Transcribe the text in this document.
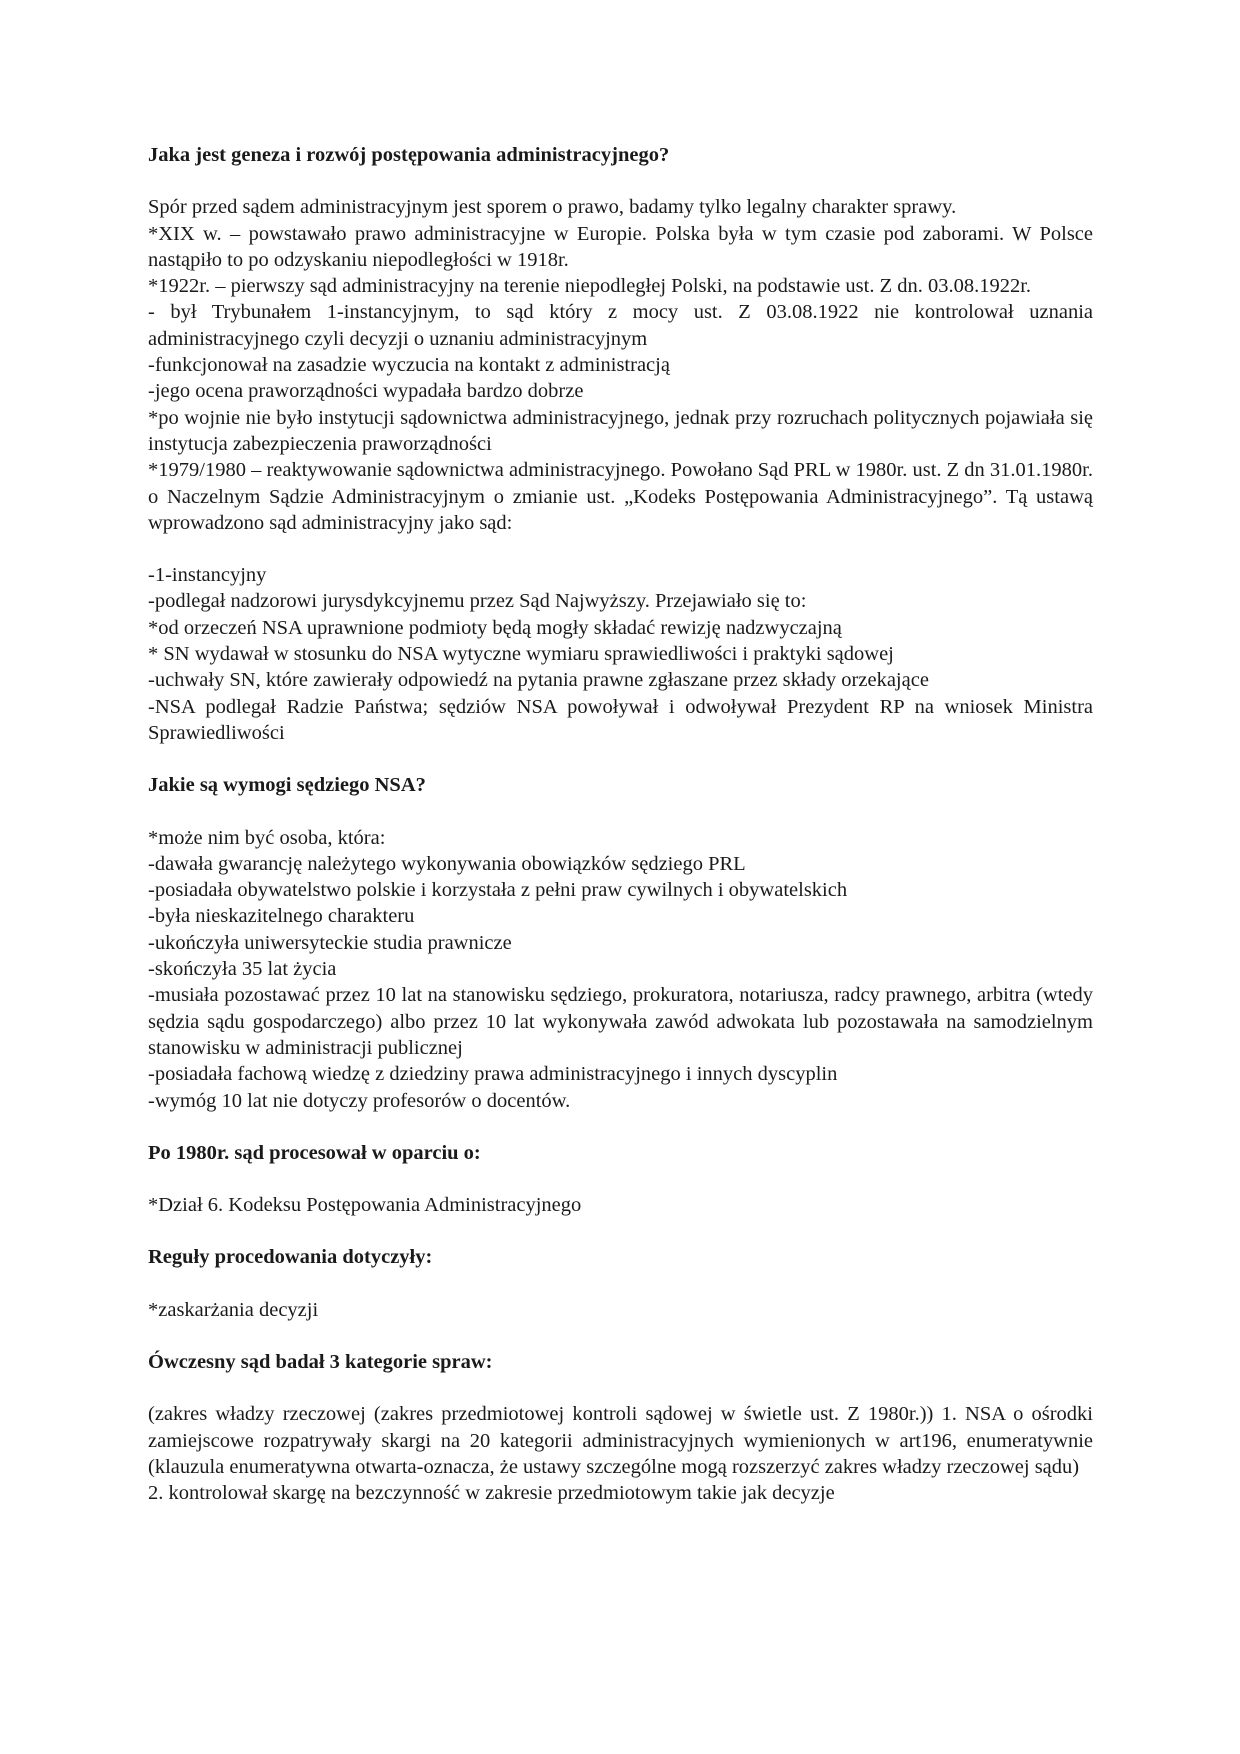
Jaka jest geneza i rozwój postępowania administracyjnego?

Spór przed sądem administracyjnym jest sporem o prawo, badamy tylko legalny charakter sprawy.

*XIX w. – powstawało prawo administracyjne w Europie. Polska była w tym czasie pod zaborami. W Polsce nastąpiło to po odzyskaniu niepodległości w 1918r.

*1922r. – pierwszy sąd administracyjny na terenie niepodległej Polski, na podstawie ust. Z dn. 03.08.1922r.

- był Trybunałem 1-instancyjnym, to sąd który z mocy ust. Z 03.08.1922 nie kontrolował uznania administracyjnego czyli decyzji o uznaniu administracyjnym

-funkcjonował na zasadzie wyczucia na kontakt z administracją

-jego ocena praworządności wypadała bardzo dobrze

*po wojnie nie było instytucji sądownictwa administracyjnego, jednak przy rozruchach politycznych pojawiała się instytucja zabezpieczenia praworządności

*1979/1980 – reaktywowanie sądownictwa administracyjnego. Powołano Sąd PRL w 1980r. ust. Z dn 31.01.1980r. o Naczelnym Sądzie Administracyjnym o zmianie ust. „Kodeks Postępowania Administracyjnego”. Tą ustawą wprowadzono sąd administracyjny jako sąd:

-1-instancyjny

-podlegał nadzorowi jurysdykcyjnemu przez Sąd Najwyższy. Przejawiało się to:

*od orzeczeń NSA uprawnione podmioty będą mogły składać rewizję nadzwyczajną

* SN wydawał w stosunku do NSA wytyczne wymiaru sprawiedliwości i praktyki sądowej

-uchwały SN, które zawierały odpowiedź na pytania prawne zgłaszane przez składy orzekające

-NSA podlegał Radzie Państwa; sędziów NSA powoływał i odwoływał Prezydent RP na wniosek Ministra Sprawiedliwości

Jakie są wymogi sędziego NSA?

*może nim być osoba, która:

-dawała gwarancję należytego wykonywania obowiązków sędziego PRL

-posiadała obywatelstwo polskie i korzystała z pełni praw cywilnych i obywatelskich

-była nieskazitelnego charakteru

-ukończyła uniwersyteckie studia prawnicze

-skończyła 35 lat życia

-musiała pozostawać przez 10 lat na stanowisku sędziego, prokuratora, notariusza, radcy prawnego, arbitra (wtedy sędzia sądu gospodarczego) albo przez 10 lat wykonywała zawód adwokata lub pozostawała na samodzielnym stanowisku w administracji publicznej

-posiadała fachową wiedzę z dziedziny prawa administracyjnego i innych dyscyplin

-wymóg 10 lat nie dotyczy profesorów o docentów.

Po 1980r. sąd procesował w oparciu o:

*Dział 6. Kodeksu Postępowania Administracyjnego

Reguły procedowania dotyczyły:

*zaskarżania decyzji

Ówczesny sąd badał 3 kategorie spraw:

(zakres władzy rzeczowej (zakres przedmiotowej kontroli sądowej w świetle ust. Z 1980r.)) 1. NSA o ośrodki zamiejscowe rozpatrywały skargi na 20 kategorii administracyjnych wymienionych w art196, enumeratywnie (klauzula enumeratywna otwarta-oznacza, że ustawy szczególne mogą rozszerzyć zakres władzy rzeczowej sądu)

2. kontrolował skargę na bezczynność w zakresie przedmiotowym takie jak decyzje
